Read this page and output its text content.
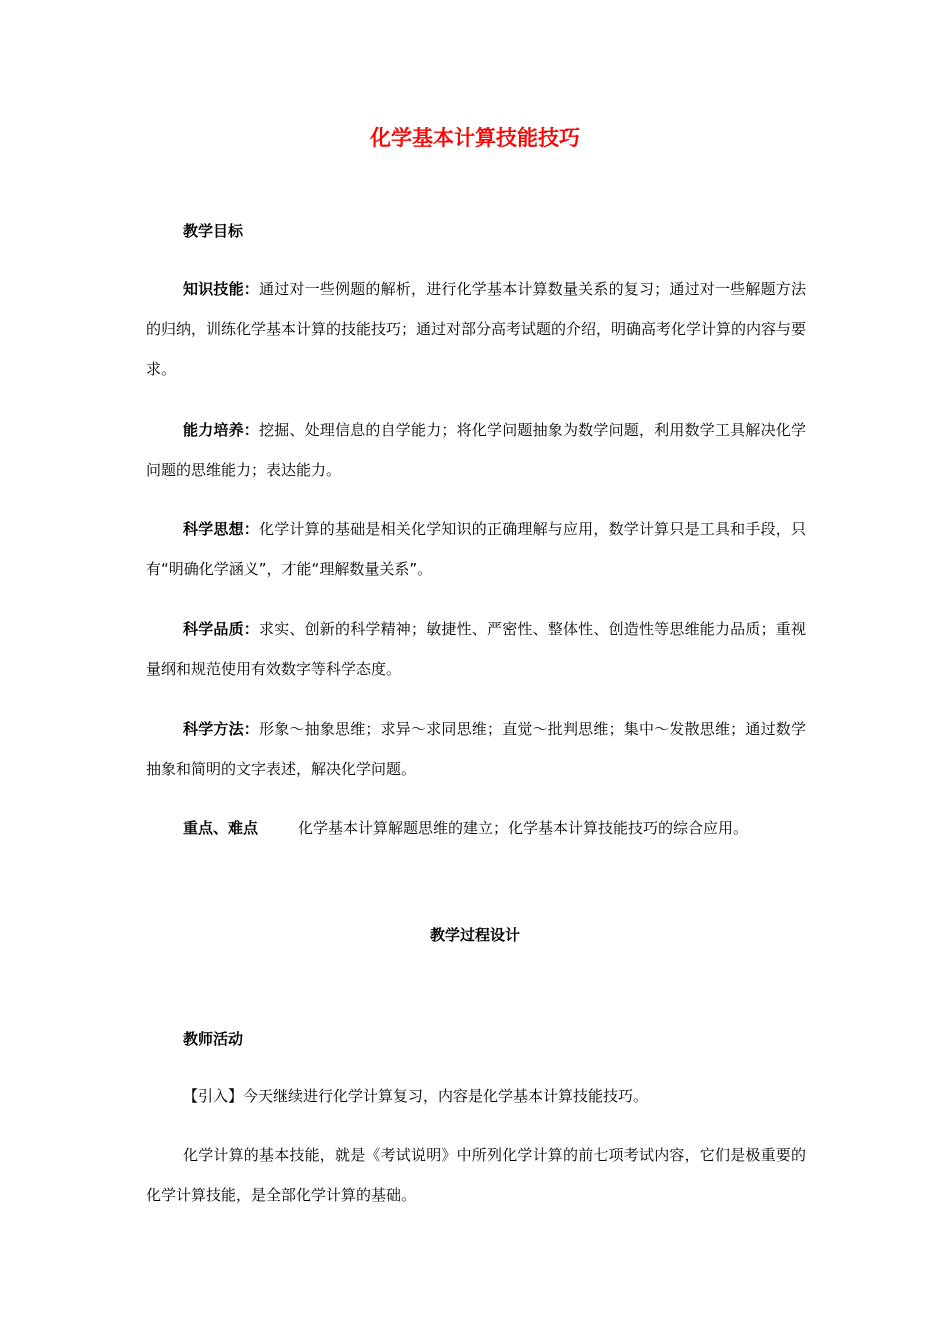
化学基本计算技能技巧
教学目标
知识技能：通过对一些例题的解析，进行化学基本计算数量关系的复习；通过对一些解题方法的归纳，训练化学基本计算的技能技巧；通过对部分高考试题的介绍，明确高考化学计算的内容与要求。
能力培养：挖掘、处理信息的自学能力；将化学问题抽象为数学问题，利用数学工具解决化学问题的思维能力；表达能力。
科学思想：化学计算的基础是相关化学知识的正确理解与应用，数学计算只是工具和手段，只有“明确化学涵义”，才能“理解数量关系”。
科学品质：求实、创新的科学精神；敏捷性、严密性、整体性、创造性等思维能力品质；重视量纲和规范使用有效数字等科学态度。
科学方法：形象～抽象思维；求异～求同思维；直觉～批判思维；集中～发散思维；通过数学抽象和简明的文字表述，解决化学问题。
重点、难点	化学基本计算解题思维的建立；化学基本计算技能技巧的综合应用。
教学过程设计
教师活动
【引入】今天继续进行化学计算复习，内容是化学基本计算技能技巧。
化学计算的基本技能，就是《考试说明》中所列化学计算的前七项考试内容，它们是极重要的化学计算技能，是全部化学计算的基础。
